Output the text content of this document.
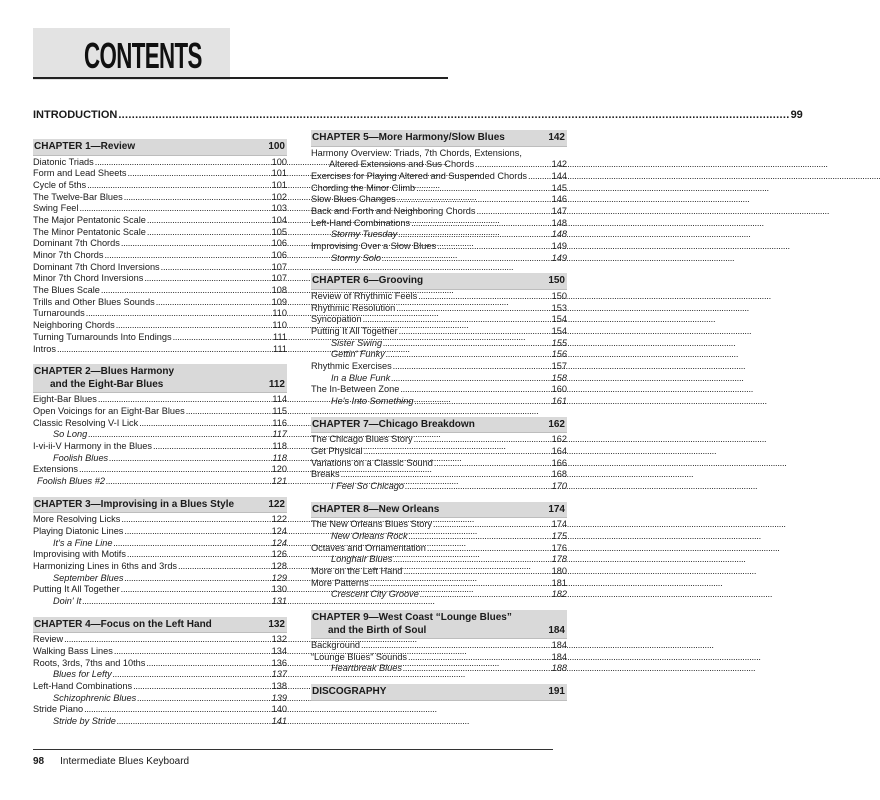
CONTENTS
INTRODUCTION ........................................................................................................................................................................................................ 99
CHAPTER 1—Review	100
Diatonic Triads . . .	100
Form and Lead Sheets . . .	101
Cycle of 5ths . . .	101
The Twelve-Bar Blues . . .	102
Swing Feel . . .	103
The Major Pentatonic Scale . . .	104
The Minor Pentatonic Scale . . .	105
Dominant 7th Chords . . .	106
Minor 7th Chords . . .	106
Dominant 7th Chord Inversions . . .	107
Minor 7th Chord Inversions . . .	107
The Blues Scale . . .	108
Trills and Other Blues Sounds . . .	109
Turnarounds . . .	110
Neighboring Chords . . .	110
Turning Turnarounds Into Endings . . .	111
Intros . . .	111
CHAPTER 2—Blues Harmony
and the Eight-Bar Blues	112
Eight-Bar Blues . . .	114
Open Voicings for an Eight-Bar Blues . . .	115
Classic Resolving V-I Lick . . .	116
So Long . . .	117
I-vi-ii-V Harmony in the Blues . . .	118
Foolish Blues . . .	118
Extensions . . .	120
Foolish Blues #2 . . .	121
CHAPTER 3—Improvising in a Blues Style	122
More Resolving Licks . . .	122
Playing Diatonic Lines . . .	124
It's a Fine Line . . .	124
Improvising with Motifs . . .	126
Harmonizing Lines in 6ths and 3rds . . .	128
September Blues . . .	129
Putting It All Together . . .	130
Doin' It . . .	131
CHAPTER 4—Focus on the Left Hand	132
Review . . .	132
Walking Bass Lines . . .	134
Roots, 3rds, 7ths and 10ths . . .	136
Blues for Lefty . . .	137
Left-Hand Combinations . . .	138
Schizophrenic Blues . . .	139
Stride Piano . . .	140
Stride by Stride . . .	141
CHAPTER 5—More Harmony/Slow Blues	142
Harmony Overview: Triads, 7th Chords, Extensions,
Altered Extensions and Sus Chords . . .	142
Exercises for Playing Altered and Suspended Chords . . .	144
Chording the Minor Climb . . .	145
Slow Blues Changes . . .	146
Back and Forth and Neighboring Chords . . .	147
Left-Hand Combinations . . .	148
Stormy Tuesday . . .	148
Improvising Over a Slow Blues . . .	149
Stormy Solo . . .	149
CHAPTER 6—Grooving	150
Review of Rhythmic Feels . . .	150
Rhythmic Resolution . . .	153
Syncopation . . .	154
Putting It All Together . . .	154
Sister Swing . . .	155
Gettin' Funky . . .	156
Rhythmic Exercises . . .	157
In a Blue Funk . . .	158
The In-Between Zone . . .	160
He's Into Something . . .	161
CHAPTER 7—Chicago Breakdown	162
The Chicago Blues Story . . .	162
Get Physical . . .	164
Variations on a Classic Sound . . .	166
Breaks . . .	168
I Feel So Chicago . . .	170
CHAPTER 8—New Orleans	174
The New Orleans Blues Story . . .	174
New Orleans Rock . . .	175
Octaves and Ornamentation . . .	176
Longhair Blues . . .	178
More on the Left Hand . . .	180
More Patterns . . .	181
Crescent City Groove . . .	182
CHAPTER 9—West Coast “Lounge Blues”
and the Birth of Soul	184
Background . . .	184
“Lounge Blues” Sounds . . .	184
Heartbreak Blues . . .	188
DISCOGRAPHY	191
98 Intermediate Blues Keyboard
